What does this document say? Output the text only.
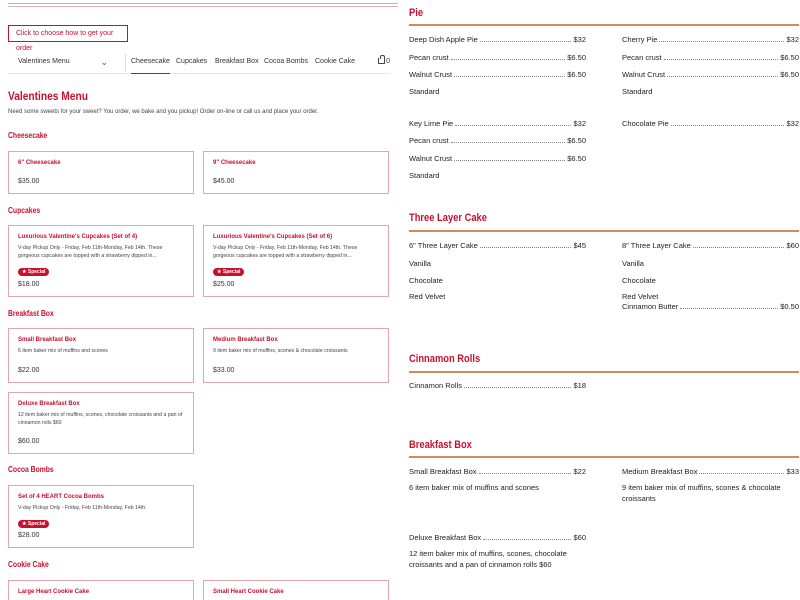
Click to choose how to get your order
Valentines Menu	⌄	Cheesecake Cupcakes Breakfast Box Cocoa Bombs Cookie Cake	0
Valentines Menu
Need some sweets for your sweet? You order, we bake and you pickup! Order on-line or call us and place your order.
Cheesecake
6" Cheesecake
$35.00
9" Cheesecake
$45.00
Cupcakes
Luxurious Valentine's Cupcakes (Set of 4)
V-day Pickup Only - Friday, Feb 11th-Monday, Feb 14th. These gorgeous cupcakes are topped with a strawberry dipped in...
★ Special
$18.00
Luxurious Valentine's Cupcakes (Set of 6)
V-day Pickup Only - Friday, Feb 11th-Monday, Feb 14th. These gorgeous cupcakes are topped with a strawberry dipped in...
★ Special
$25.00
Breakfast Box
Small Breakfast Box
6 item baker mix of muffins and scones
$22.00
Medium Breakfast Box
9 item baker mix of muffins, scones & chocolate croissants
$33.00
Deluxe Breakfast Box
12 item baker mix of muffins, scones, chocolate croissants and a pan of cinnamon rolls $60
$60.00
Cocoa Bombs
Set of 4 HEART Cocoa Bombs
V-day Pickup Only - Friday, Feb 11th-Monday, Feb 14th.
★ Special
$28.00
Cookie Cake
Large Heart Cookie Cake	Small Heart Cookie Cake
Pie
Deep Dish Apple Pie	$32
Pecan crust	$6.50
Walnut Crust	$6.50
Standard
Cherry Pie	$32
Pecan crust	$6.50
Walnut Crust	$6.50
Standard
Key Lime Pie	$32
Pecan crust	$6.50
Walnut Crust	$6.50
Standard
Chocolate Pie	$32
Three Layer Cake
6" Three Layer Cake	$45
Vanilla
Chocolate
Red Velvet
8" Three Layer Cake	$60
Vanilla
Chocolate
Red Velvet
Cinnamon Butter	$0.50
Cinnamon Rolls
Cinnamon Rolls	$18
Breakfast Box
Small Breakfast Box	$22
6 item baker mix of muffins and scones
Medium Breakfast Box	$33
9 item baker mix of muffins, scones & chocolate croissants
Deluxe Breakfast Box	$60
12 item baker mix of muffins, scones, chocolate croissants and a pan of cinnamon rolls $60
